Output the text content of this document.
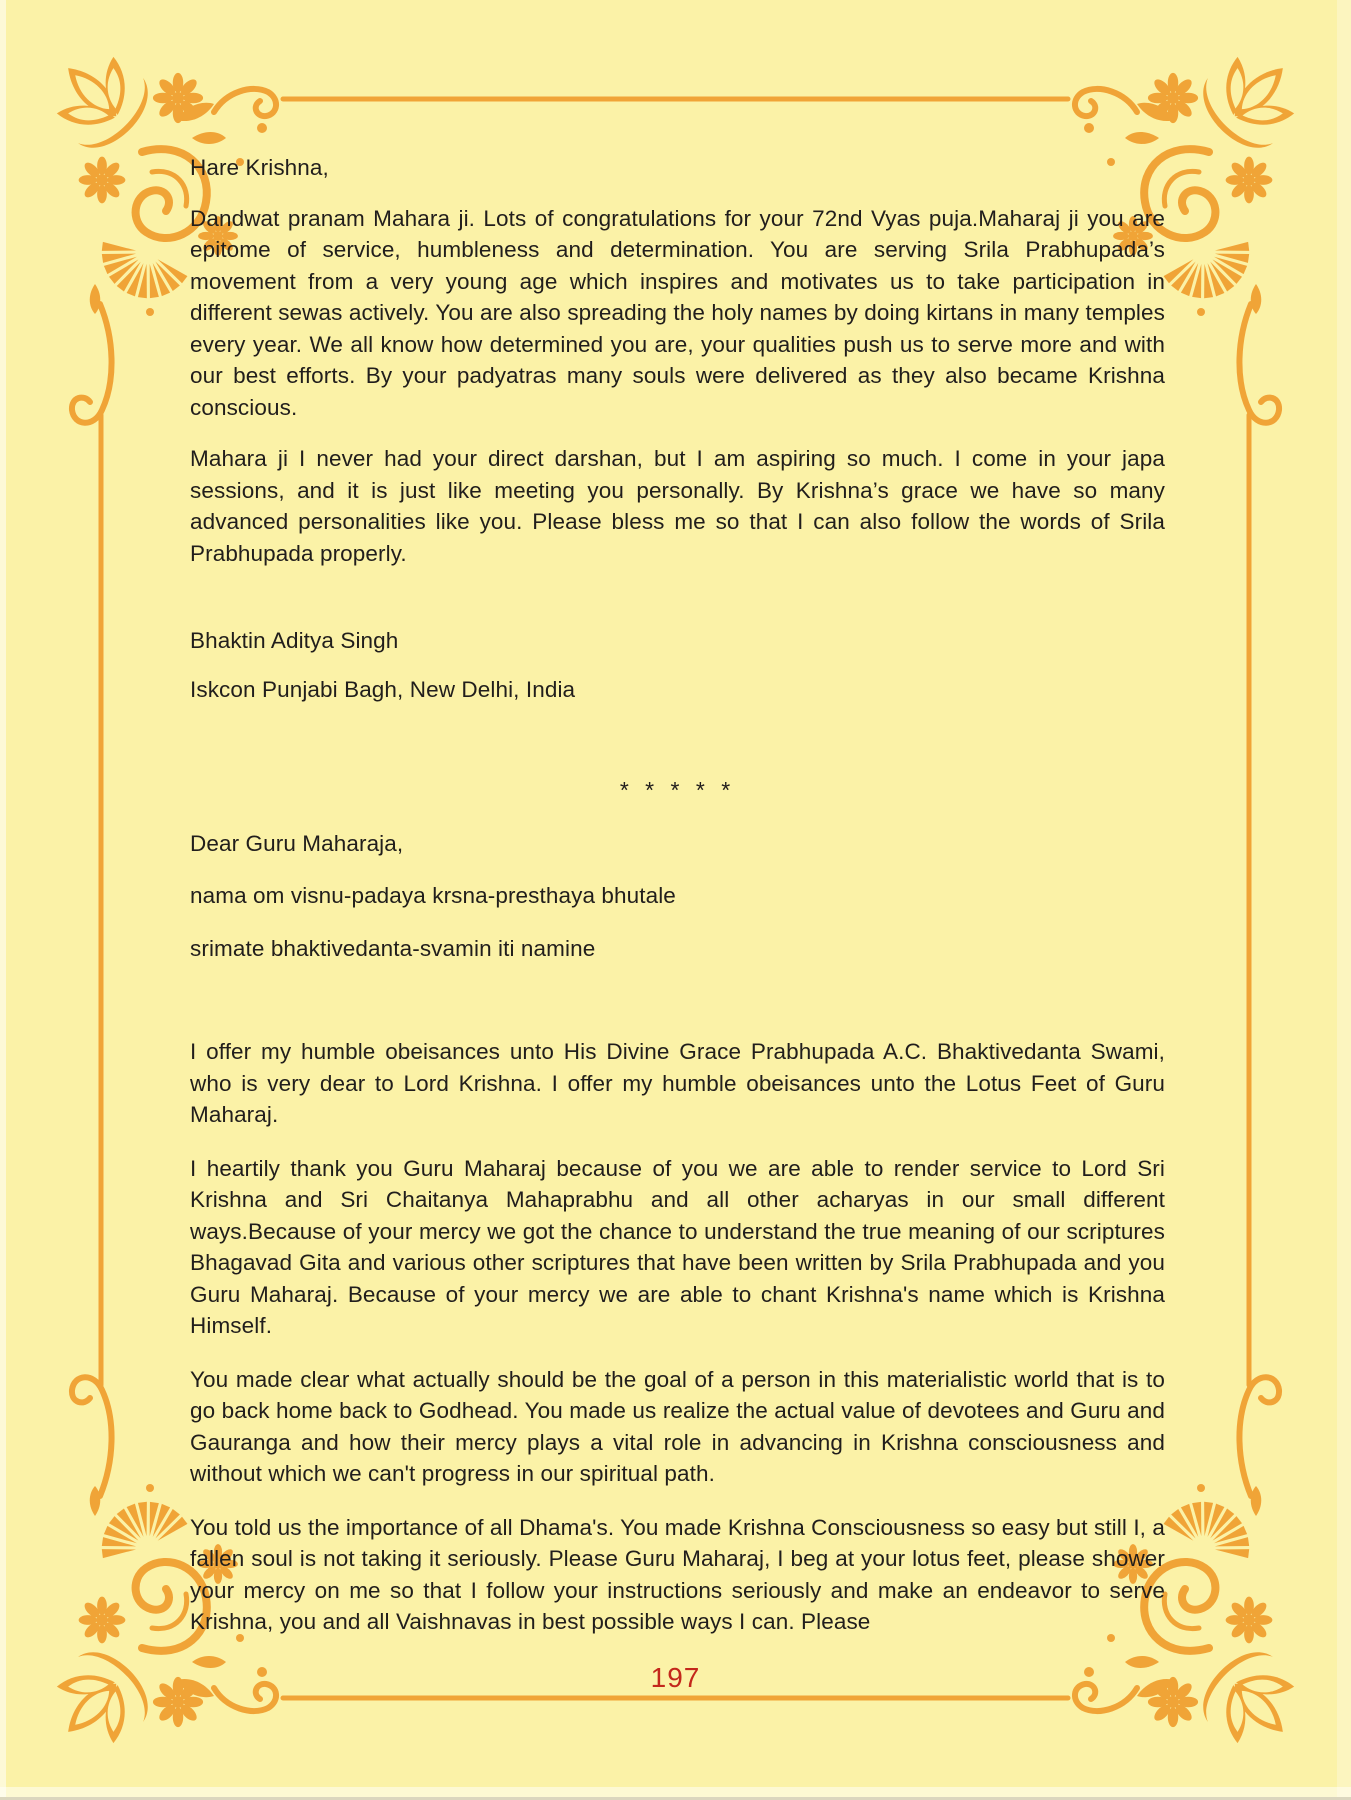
Hare Krishna,

Dandwat pranam Mahara ji. Lots of congratulations for your 72nd Vyas puja.Maharaj ji you are epitome of service, humbleness and determination. You are serving Srila Prabhupada’s movement from a very young age which inspires and motivates us to take participation in different sewas actively. You are also spreading the holy names by doing kirtans in many temples every year. We all know how determined you are, your qualities push us to serve more and with our best efforts. By your padyatras many souls were delivered as they also became Krishna conscious.

Mahara ji I never had your direct darshan, but I am aspiring so much. I come in your japa sessions, and it is just like meeting you personally. By Krishna’s grace we have so many advanced personalities like you. Please bless me so that I can also follow the words of Srila Prabhupada properly.

Bhaktin Aditya Singh

Iskcon Punjabi Bagh, New Delhi, India

* * * * *

Dear Guru Maharaja,

nama om visnu-padaya krsna-presthaya bhutale

srimate bhaktivedanta-svamin iti namine

I offer my humble obeisances unto His Divine Grace Prabhupada A.C. Bhaktivedanta Swami, who is very dear to Lord Krishna. I offer my humble obeisances unto the Lotus Feet of Guru Maharaj.

I heartily thank you Guru Maharaj because of you we are able to render service to Lord Sri Krishna and Sri Chaitanya Mahaprabhu and all other acharyas in our small different ways.Because of your mercy we got the chance to understand the true meaning of our scriptures Bhagavad Gita and various other scriptures that have been written by Srila Prabhupada and you Guru Maharaj. Because of your mercy we are able to chant Krishna's name which is Krishna Himself.

You made clear what actually should be the goal of a person in this materialistic world that is to go back home back to Godhead. You made us realize the actual value of devotees and Guru and Gauranga and how their mercy plays a vital role in advancing in Krishna consciousness and without which we can't progress in our spiritual path.

You told us the importance of all Dhama's. You made Krishna Consciousness so easy but still I, a fallen soul is not taking it seriously. Please Guru Maharaj, I beg at your lotus feet, please shower your mercy on me so that I follow your instructions seriously and make an endeavor to serve Krishna, you and all Vaishnavas in best possible ways I can. Please

197
